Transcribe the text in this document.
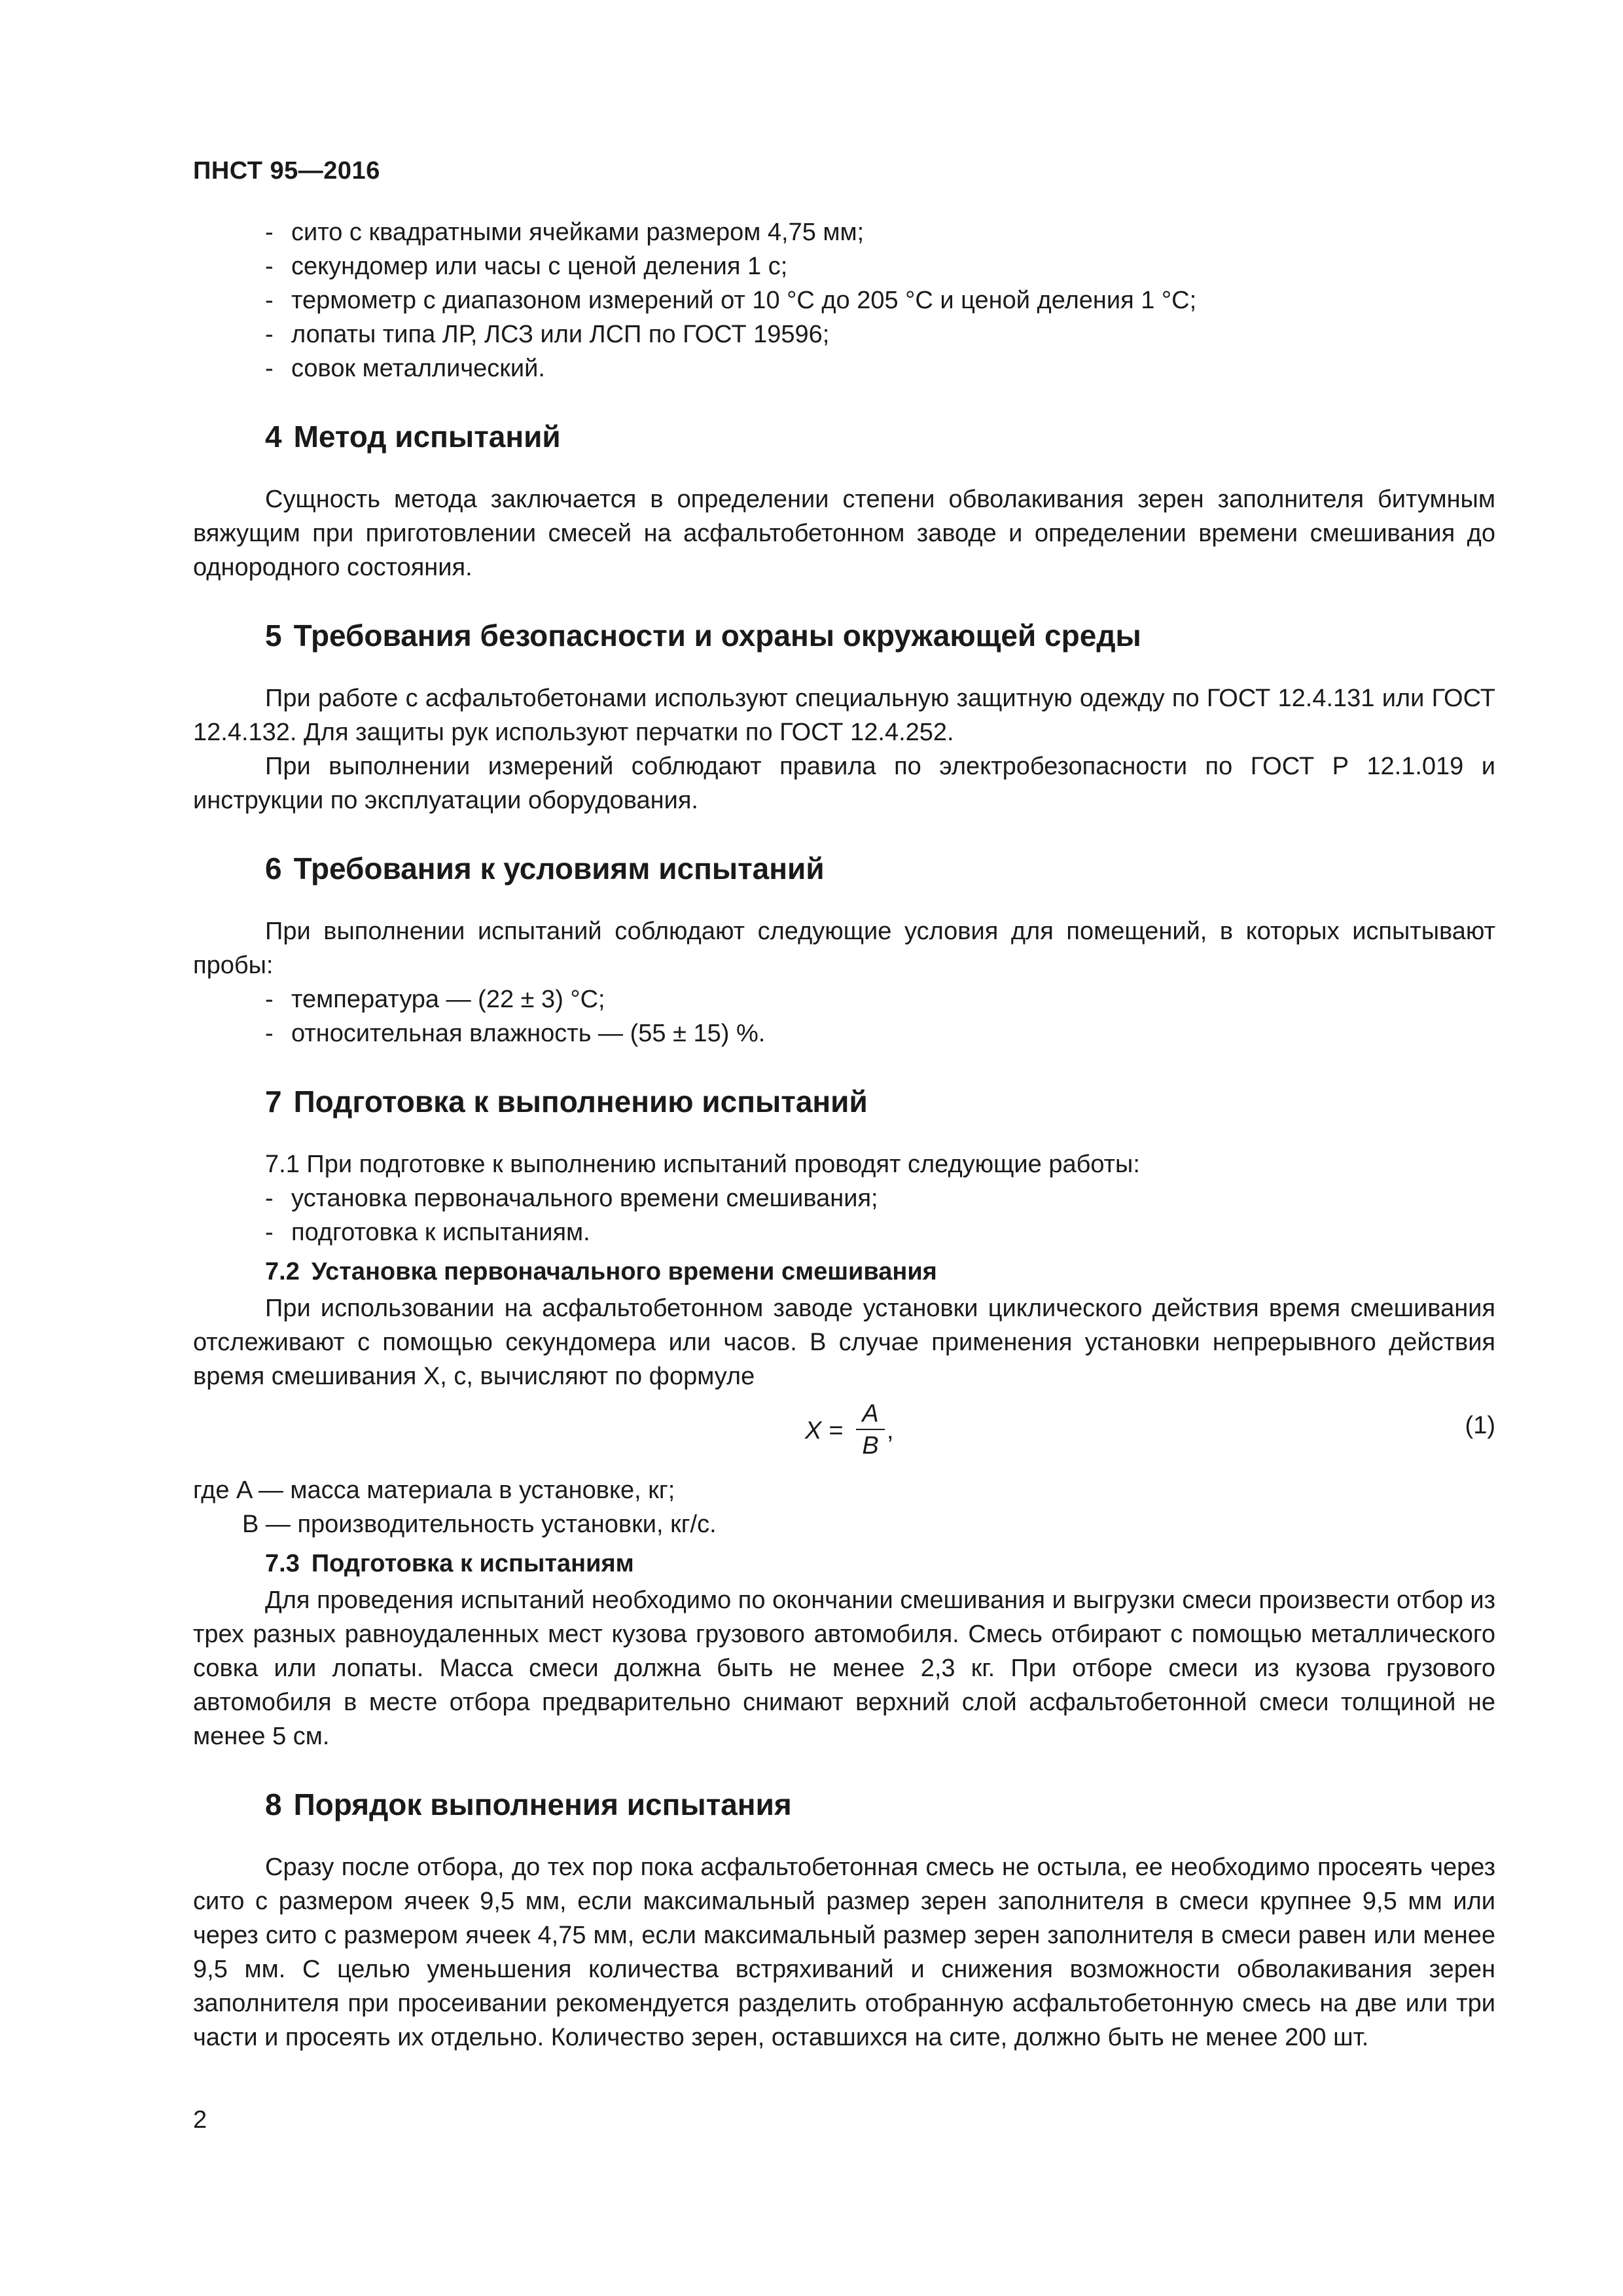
ПНСТ 95—2016
- сито с квадратными ячейками размером 4,75 мм;
- секундомер или часы с ценой деления 1 с;
- термометр с диапазоном измерений от 10 °С до 205 °С и ценой деления 1 °С;
- лопаты типа ЛР, ЛСЗ или ЛСП по ГОСТ 19596;
- совок металлический.
4 Метод испытаний

Сущность метода заключается в определении степени обволакивания зерен заполнителя битумным вяжущим при приготовлении смесей на асфальтобетонном заводе и определении времени смешивания до однородного состояния.

5 Требования безопасности и охраны окружающей среды

При работе с асфальтобетонами используют специальную защитную одежду по ГОСТ 12.4.131 или ГОСТ 12.4.132. Для защиты рук используют перчатки по ГОСТ 12.4.252.

При выполнении измерений соблюдают правила по электробезопасности по ГОСТ Р 12.1.019 и инструкции по эксплуатации оборудования.

6 Требования к условиям испытаний

При выполнении испытаний соблюдают следующие условия для помещений, в которых испытывают пробы:

- температура — (22 ± 3) °С;
- относительная влажность — (55 ± 15) %.
7 Подготовка к выполнению испытаний

7.1 При подготовке к выполнению испытаний проводят следующие работы:

- установка первоначального времени смешивания;
- подготовка к испытаниям.
7.2 Установка первоначального времени смешивания

При использовании на асфальтобетонном заводе установки циклического действия время смешивания отслеживают с помощью секундомера или часов. В случае применения установки непрерывного действия время смешивания X, с, вычисляют по формуле

$X = \frac{A}{B}$ ,	(1)
где A — масса материала в установке, кг;
B — производительность установки, кг/с.
7.3 Подготовка к испытаниям

Для проведения испытаний необходимо по окончании смешивания и выгрузки смеси произвести отбор из трех разных равноудаленных мест кузова грузового автомобиля. Смесь отбирают с помощью металлического совка или лопаты. Масса смеси должна быть не менее 2,3 кг. При отборе смеси из кузова грузового автомобиля в месте отбора предварительно снимают верхний слой асфальтобетонной смеси толщиной не менее 5 см.

8 Порядок выполнения испытания

Сразу после отбора, до тех пор пока асфальтобетонная смесь не остыла, ее необходимо просеять через сито с размером ячеек 9,5 мм, если максимальный размер зерен заполнителя в смеси крупнее 9,5 мм или через сито с размером ячеек 4,75 мм, если максимальный размер зерен заполнителя в смеси равен или менее 9,5 мм. С целью уменьшения количества встряхиваний и снижения возможности обволакивания зерен заполнителя при просеивании рекомендуется разделить отобранную асфальтобетонную смесь на две или три части и просеять их отдельно. Количество зерен, оставшихся на сите, должно быть не менее 200 шт.

2
